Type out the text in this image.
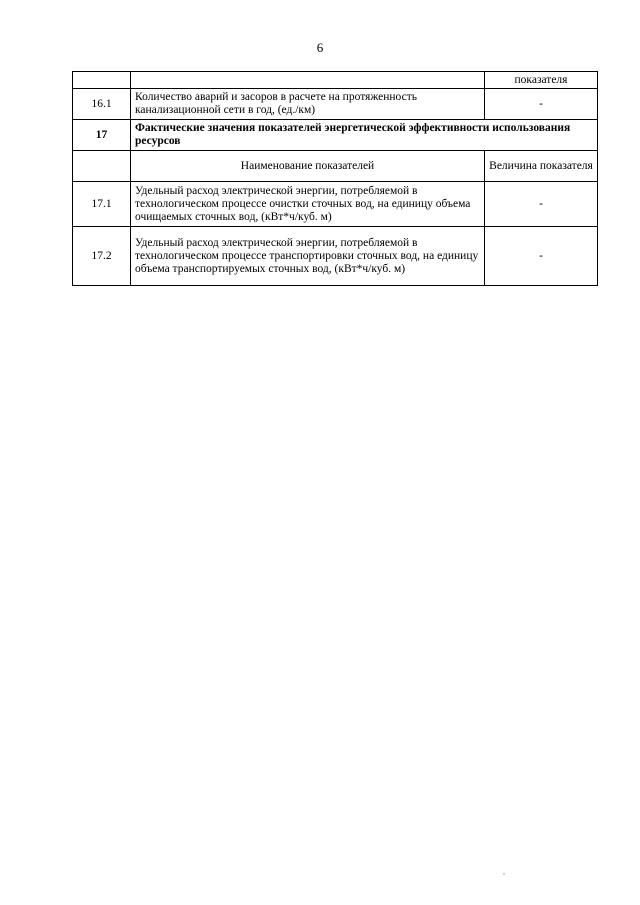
6
		показателя
16.1	Количество аварий и засоров в расчете на протяженность канализационной сети в год, (ед./км)	-
17	Фактические значения показателей энергетической эффективности использования ресурсов	
	Наименование показателей	Величина показателя
17.1	Удельный расход электрической энергии, потребляемой в технологическом процессе очистки сточных вод, на единицу объема очищаемых сточных вод, (кВт*ч/куб. м)	-
17.2	Удельный расход электрической энергии, потребляемой в технологическом процессе транспортировки сточных вод, на единицу объема транспортируемых сточных вод, (кВт*ч/куб. м)	-
